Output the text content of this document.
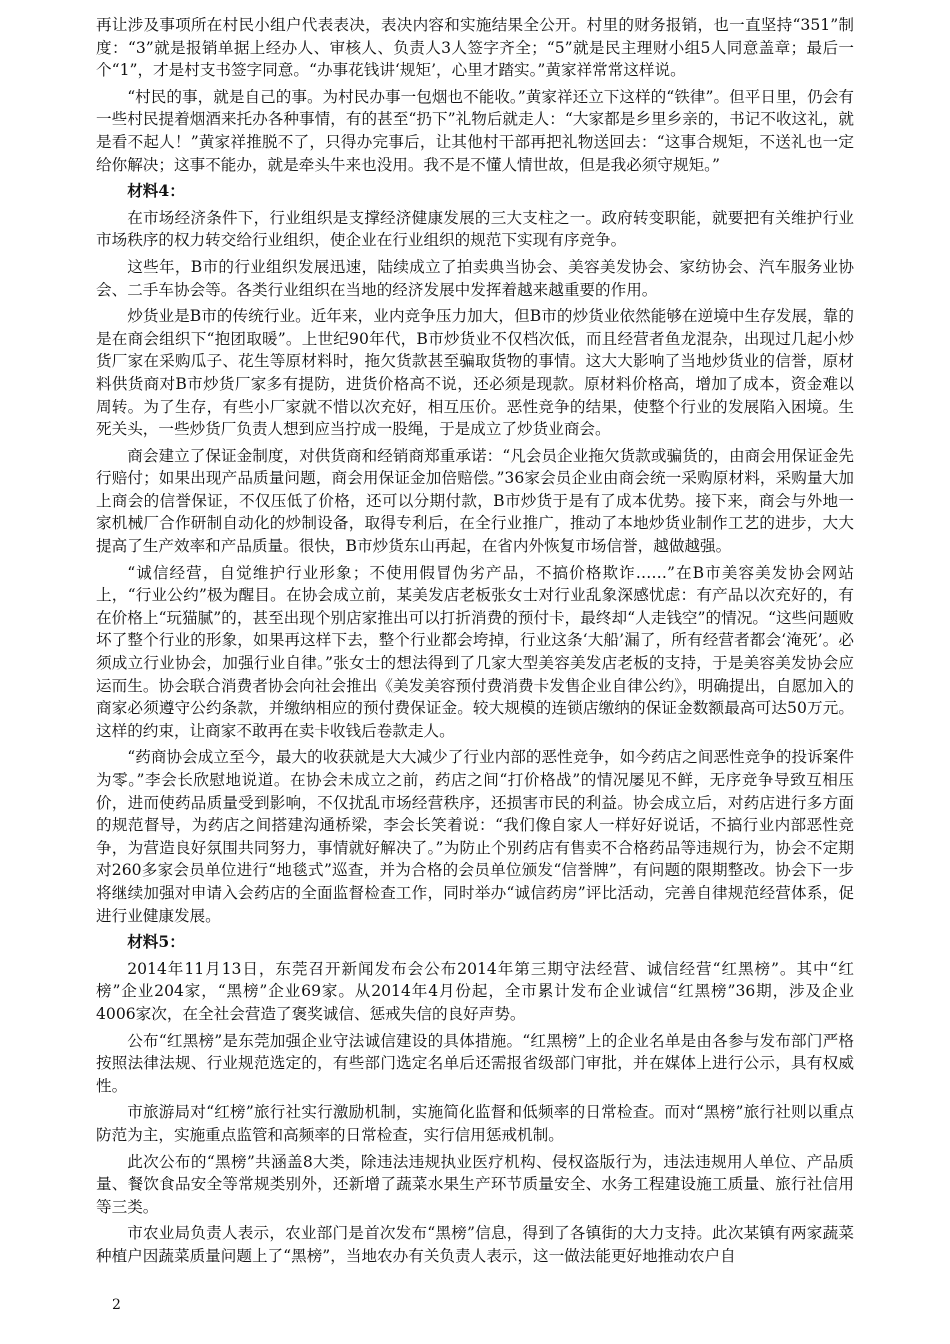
再让涉及事项所在村民小组户代表表决，表决内容和实施结果全公开。村里的财务报销，也一直坚持“351”制度：“3”就是报销单据上经办人、审核人、负责人3人签字齐全；“5”就是民主理财小组5人同意盖章；最后一个“1”，才是村支书签字同意。“办事花钱讲‘规矩’，心里才踏实。”黄家祥常常这样说。

“村民的事，就是自己的事。为村民办事一包烟也不能收。”黄家祥还立下这样的“铁律”。但平日里，仍会有一些村民提着烟酒来托办各种事情，有的甚至“扔下”礼物后就走人：“大家都是乡里乡亲的，书记不收这礼，就是看不起人！”黄家祥推脱不了，只得办完事后，让其他村干部再把礼物送回去：“这事合规矩，不送礼也一定给你解决；这事不能办，就是牵头牛来也没用。我不是不懂人情世故，但是我必须守规矩。”

材料4：

在市场经济条件下，行业组织是支撑经济健康发展的三大支柱之一。政府转变职能，就要把有关维护行业市场秩序的权力转交给行业组织，使企业在行业组织的规范下实现有序竞争。

这些年，B市的行业组织发展迅速，陆续成立了拍卖典当协会、美容美发协会、家纺协会、汽车服务业协会、二手车协会等。各类行业组织在当地的经济发展中发挥着越来越重要的作用。

炒货业是B市的传统行业。近年来，业内竞争压力加大，但B市的炒货业依然能够在逆境中生存发展，靠的是在商会组织下“抱团取暖”。上世纪90年代，B市炒货业不仅档次低，而且经营者鱼龙混杂，出现过几起小炒货厂家在采购瓜子、花生等原材料时，拖欠货款甚至骗取货物的事情。这大大影响了当地炒货业的信誉，原材料供货商对B市炒货厂家多有提防，进货价格高不说，还必须是现款。原材料价格高，增加了成本，资金难以周转。为了生存，有些小厂家就不惜以次充好，相互压价。恶性竞争的结果，使整个行业的发展陷入困境。生死关头，一些炒货厂负责人想到应当拧成一股绳，于是成立了炒货业商会。

商会建立了保证金制度，对供货商和经销商郑重承诺：“凡会员企业拖欠货款或骗货的，由商会用保证金先行赔付；如果出现产品质量问题，商会用保证金加倍赔偿。”36家会员企业由商会统一采购原材料，采购量大加上商会的信誉保证，不仅压低了价格，还可以分期付款，B市炒货于是有了成本优势。接下来，商会与外地一家机械厂合作研制自动化的炒制设备，取得专利后，在全行业推广，推动了本地炒货业制作工艺的进步，大大提高了生产效率和产品质量。很快，B市炒货东山再起，在省内外恢复市场信誉，越做越强。

“诚信经营，自觉维护行业形象；不使用假冒伪劣产品，不搞价格欺诈……”在B市美容美发协会网站上，“行业公约”极为醒目。在协会成立前，某美发店老板张女士对行业乱象深感忧虑：有产品以次充好的，有在价格上“玩猫腻”的，甚至出现个别店家推出可以打折消费的预付卡，最终却“人走钱空”的情况。“这些问题败坏了整个行业的形象，如果再这样下去，整个行业都会垮掉，行业这条‘大船’漏了，所有经营者都会‘淹死’。必须成立行业协会，加强行业自律。”张女士的想法得到了几家大型美容美发店老板的支持，于是美容美发协会应运而生。协会联合消费者协会向社会推出《美发美容预付费消费卡发售企业自律公约》，明确提出，自愿加入的商家必须遵守公约条款，并缴纳相应的预付费保证金。较大规模的连锁店缴纳的保证金数额最高可达50万元。这样的约束，让商家不敢再在卖卡收钱后卷款走人。

“药商协会成立至今，最大的收获就是大大减少了行业内部的恶性竞争，如今药店之间恶性竞争的投诉案件为零。”李会长欣慰地说道。在协会未成立之前，药店之间“打价格战”的情况屡见不鲜，无序竞争导致互相压价，进而使药品质量受到影响，不仅扰乱市场经营秩序，还损害市民的利益。协会成立后，对药店进行多方面的规范督导，为药店之间搭建沟通桥梁，李会长笑着说：“我们像自家人一样好好说话，不搞行业内部恶性竞争，为营造良好氛围共同努力，事情就好解决了。”为防止个别药店有售卖不合格药品等违规行为，协会不定期对260多家会员单位进行“地毯式”巡查，并为合格的会员单位颁发“信誉牌”，有问题的限期整改。协会下一步将继续加强对申请入会药店的全面监督检查工作，同时举办“诚信药房”评比活动，完善自律规范经营体系，促进行业健康发展。

材料5：

2014年11月13日，东莞召开新闻发布会公布2014年第三期守法经营、诚信经营“红黑榜”。其中“红榜”企业204家，“黑榜”企业69家。从2014年4月份起，全市累计发布企业诚信“红黑榜”36期，涉及企业4006家次，在全社会营造了褒奖诚信、惩戒失信的良好声势。

公布“红黑榜”是东莞加强企业守法诚信建设的具体措施。“红黑榜”上的企业名单是由各参与发布部门严格按照法律法规、行业规范选定的，有些部门选定名单后还需报省级部门审批，并在媒体上进行公示，具有权威性。

市旅游局对“红榜”旅行社实行激励机制，实施简化监督和低频率的日常检查。而对“黑榜”旅行社则以重点防范为主，实施重点监管和高频率的日常检查，实行信用惩戒机制。

此次公布的“黑榜”共涵盖8大类，除违法违规执业医疗机构、侵权盗版行为，违法违规用人单位、产品质量、餐饮食品安全等常规类别外，还新增了蔬菜水果生产环节质量安全、水务工程建设施工质量、旅行社信用等三类。

市农业局负责人表示，农业部门是首次发布“黑榜”信息，得到了各镇街的大力支持。此次某镇有两家蔬菜种植户因蔬菜质量问题上了“黑榜”，当地农办有关负责人表示，这一做法能更好地推动农户自

2
